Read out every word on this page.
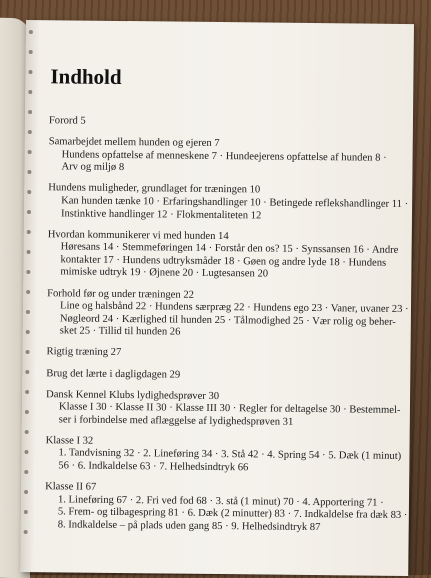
Indhold
Forord 5
Samarbejdet mellem hunden og ejeren 7
Hundens opfattelse af menneskene 7 · Hundeejerens opfattelse af hunden 8 ·
Arv og miljø 8
Hundens muligheder, grundlaget for træningen 10
Kan hunden tænke 10 · Erfaringshandlinger 10 · Betingede reflekshandlinger 11 ·
Instinktive handlinger 12 · Flokmentaliteten 12
Hvordan kommunikerer vi med hunden 14
Høresans 14 · Stemmeføringen 14 · Forstår den os? 15 · Synssansen 16 · Andre
kontakter 17 · Hundens udtryksmåder 18 · Gøen og andre lyde 18 · Hundens
mimiske udtryk 19 · Øjnene 20 · Lugtesansen 20
Forhold før og under træningen 22
Line og halsbånd 22 · Hundens særpræg 22 · Hundens ego 23 · Vaner, uvaner 23 ·
Nøgleord 24 · Kærlighed til hunden 25 · Tålmodighed 25 · Vær rolig og beher-
sket 25 · Tillid til hunden 26
Rigtig træning 27
Brug det lærte i dagligdagen 29
Dansk Kennel Klubs lydighedsprøver 30
Klasse I 30 · Klasse II 30 · Klasse III 30 · Regler for deltagelse 30 · Bestemmel-
ser i forbindelse med aflæggelse af lydighedsprøven 31
Klasse I 32
1. Tandvisning 32 · 2. Lineføring 34 · 3. Stå 42 · 4. Spring 54 · 5. Dæk (1 minut)
56 · 6. Indkaldelse 63 · 7. Helhedsindtryk 66
Klasse II 67
1. Lineføring 67 · 2. Fri ved fod 68 · 3. stå (1 minut) 70 · 4. Apportering 71 ·
5. Frem- og tilbagespring 81 · 6. Dæk (2 minutter) 83 · 7. Indkaldelse fra dæk 83 ·
8. Indkaldelse – på plads uden gang 85 · 9. Helhedsindtryk 87
